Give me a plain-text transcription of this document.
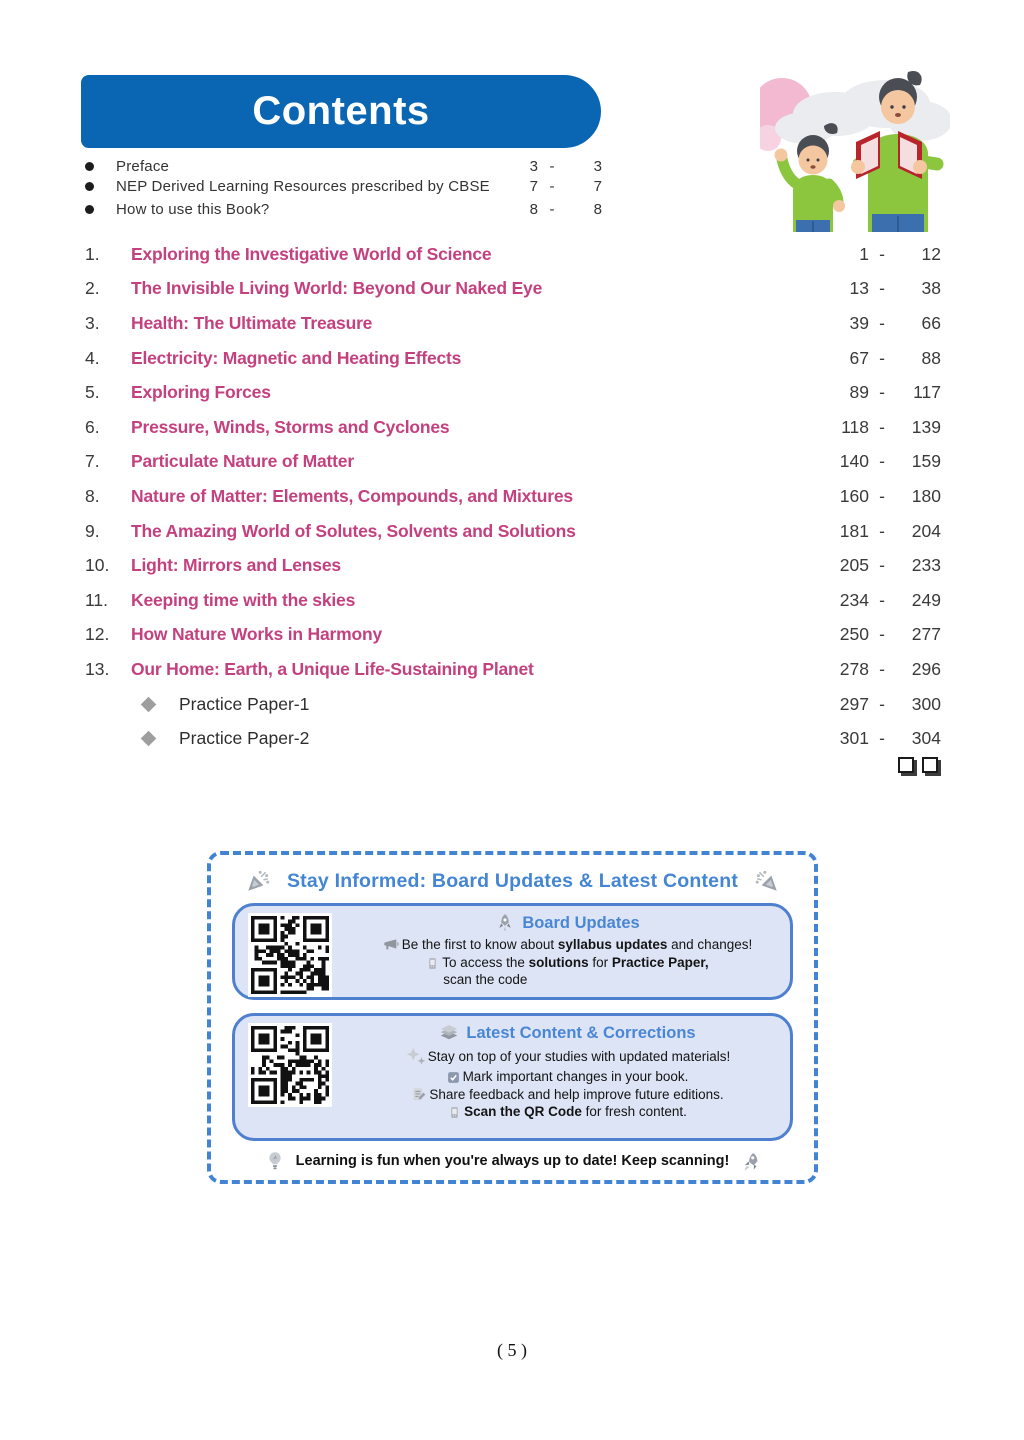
Contents
Preface	3 -	3
NEP Derived Learning Resources prescribed by CBSE	7 -	7
How to use this Book?	8 -	8
1.	Exploring the Investigative World of Science	1 -	12
2.	The Invisible Living World: Beyond Our Naked Eye	13 -	38
3.	Health: The Ultimate Treasure	39 -	66
4.	Electricity: Magnetic and Heating Effects	67 -	88
5.	Exploring Forces	89 -	117
6.	Pressure, Winds, Storms and Cyclones	118 -	139
7.	Particulate Nature of Matter	140 -	159
8.	Nature of Matter: Elements, Compounds, and Mixtures	160 -	180
9.	The Amazing World of Solutes, Solvents and Solutions	181 -	204
10.	Light: Mirrors and Lenses	205 -	233
11.	Keeping time with the skies	234 -	249
12.	How Nature Works in Harmony	250 -	277
13.	Our Home: Earth, a Unique Life-Sustaining Planet	278 -	296
Practice Paper-1	297 -	300
Practice Paper-2	301 -	304
Stay Informed: Board Updates & Latest Content
Board Updates
Be the first to know about syllabus updates and changes!
To access the solutions for Practice Paper,
scan the code
Latest Content & Corrections
Stay on top of your studies with updated materials!
Mark important changes in your book.
Share feedback and help improve future editions.
Scan the QR Code for fresh content.
Learning is fun when you're always up to date! Keep scanning!
( 5 )
